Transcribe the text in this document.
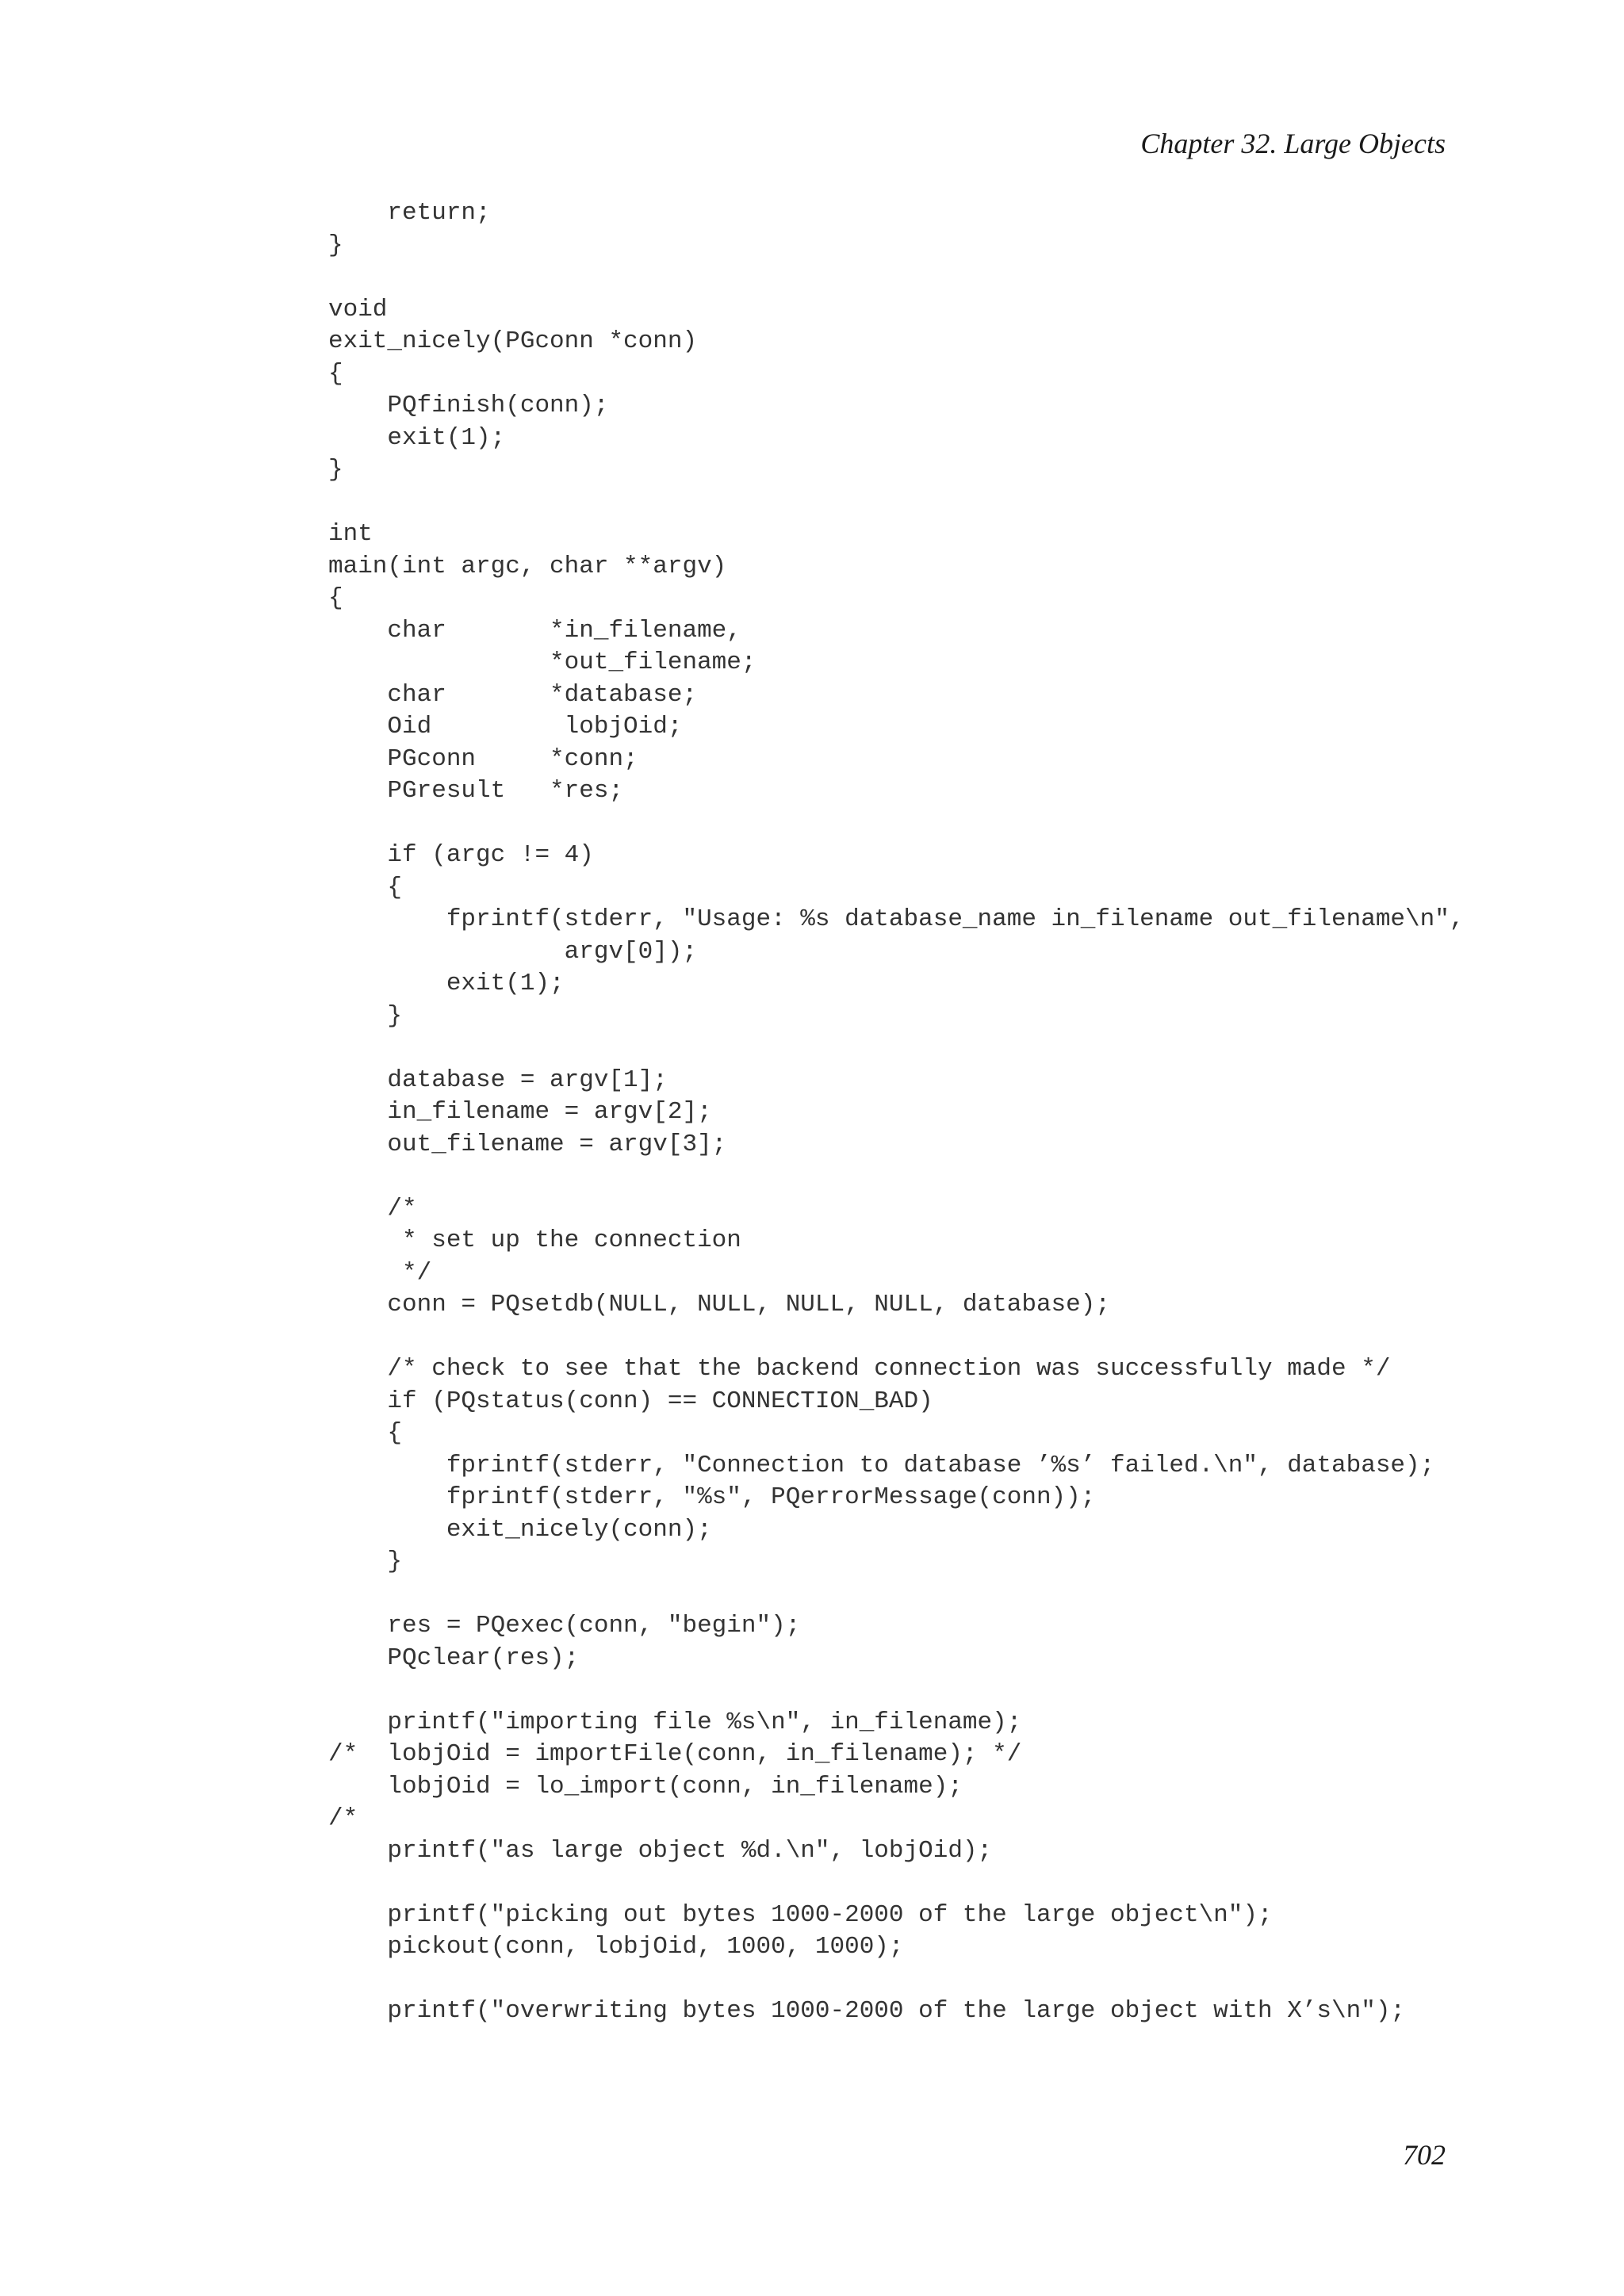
Chapter 32. Large Objects
return;
}
void
exit_nicely(PGconn *conn)
{
PQfinish(conn);
exit(1);
}
int
main(int argc, char **argv)
{
char       *in_filename,
*out_filename;
char       *database;
Oid         lobjOid;
PGconn     *conn;
PGresult   *res;
if (argc != 4)
{
fprintf(stderr, "Usage: %s database_name in_filename out_filename\n",
argv[0]);
exit(1);
}
database = argv[1];
in_filename = argv[2];
out_filename = argv[3];
/*
* set up the connection
*/
conn = PQsetdb(NULL, NULL, NULL, NULL, database);
/* check to see that the backend connection was successfully made */
if (PQstatus(conn) == CONNECTION_BAD)
{
fprintf(stderr, "Connection to database ’%s’ failed.\n", database);
fprintf(stderr, "%s", PQerrorMessage(conn));
exit_nicely(conn);
}
res = PQexec(conn, "begin");
PQclear(res);
printf("importing file %s\n", in_filename);
/*  lobjOid = importFile(conn, in_filename); */
lobjOid = lo_import(conn, in_filename);
/*
printf("as large object %d.\n", lobjOid);
printf("picking out bytes 1000-2000 of the large object\n");
pickout(conn, lobjOid, 1000, 1000);
printf("overwriting bytes 1000-2000 of the large object with X’s\n");
702
